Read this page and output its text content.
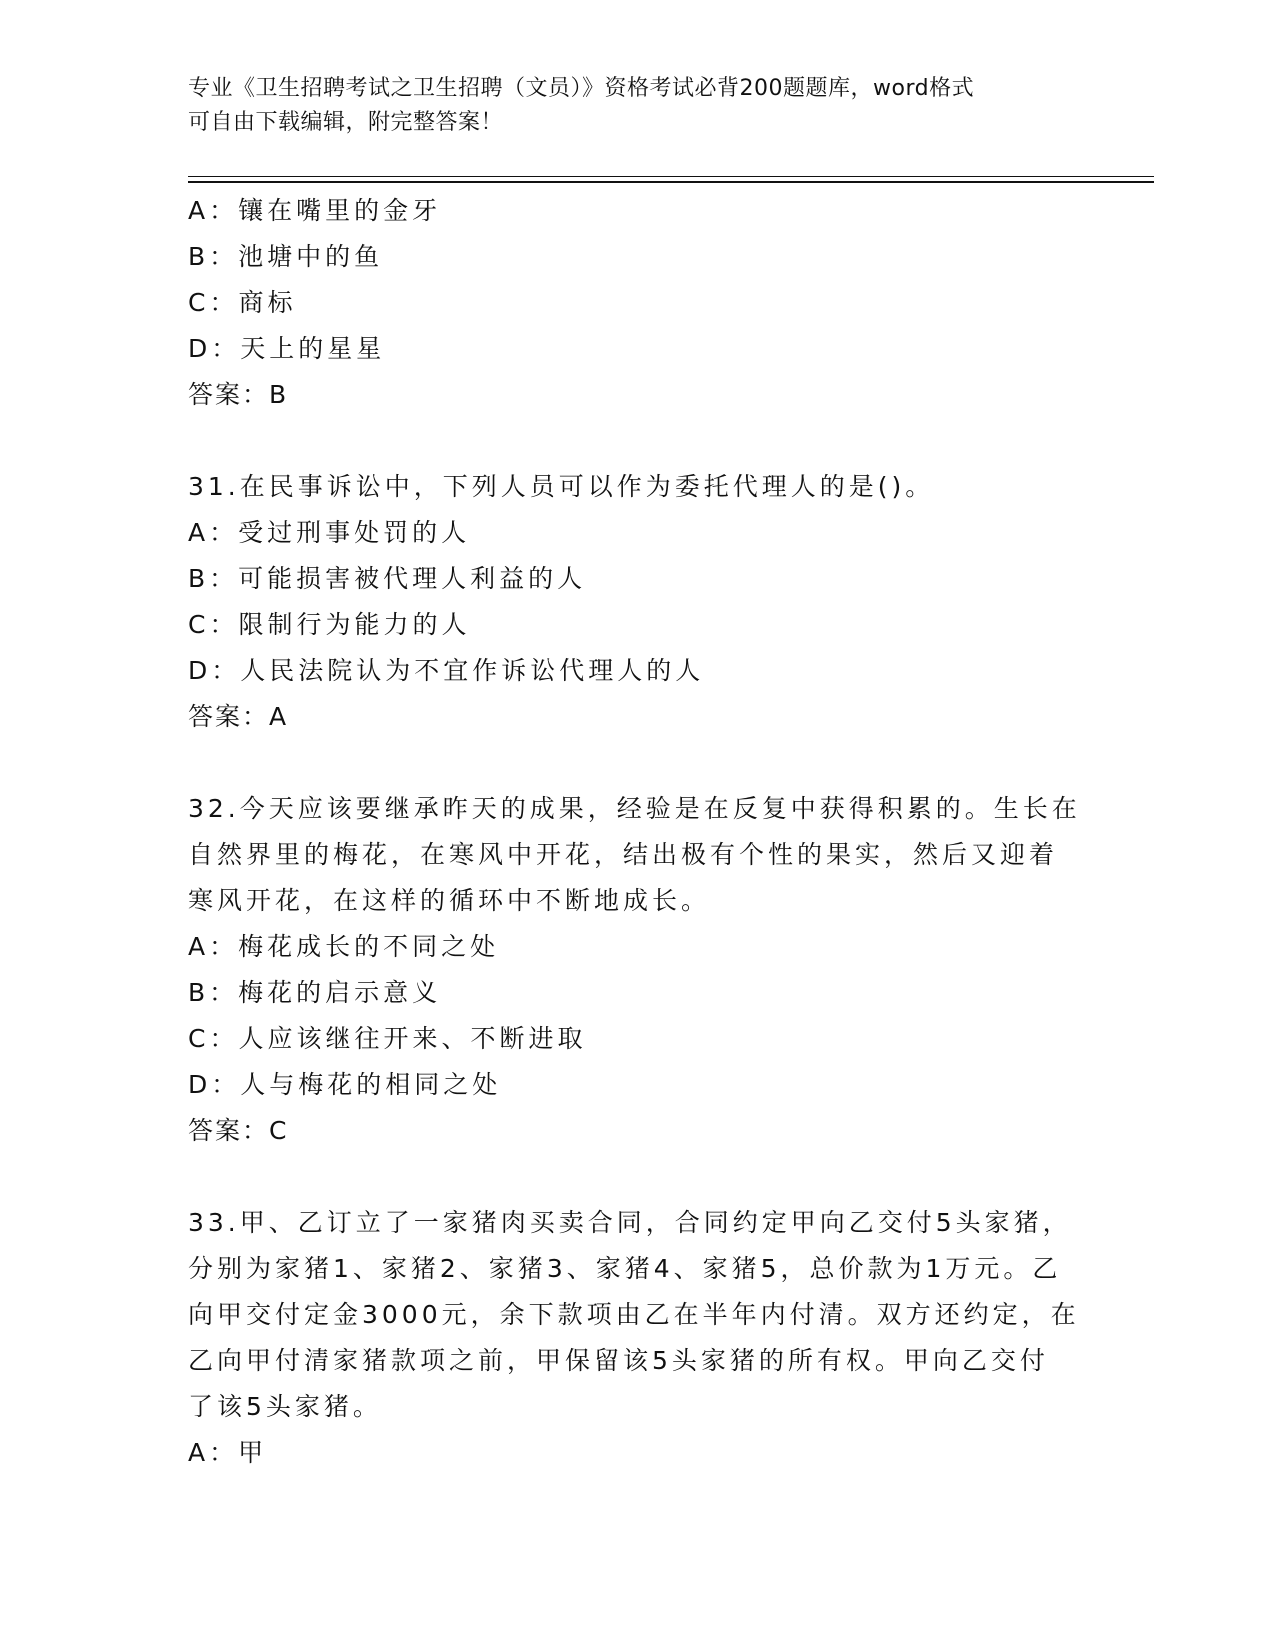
专业《卫生招聘考试之卫生招聘（文员）》资格考试必背200题题库，word格式
可自由下载编辑，附完整答案！
A：镶在嘴里的金牙
B：池塘中的鱼
C：商标
D：天上的星星
答案：B
31.在民事诉讼中，下列人员可以作为委托代理人的是()。
A：受过刑事处罚的人
B：可能损害被代理人利益的人
C：限制行为能力的人
D：人民法院认为不宜作诉讼代理人的人
答案：A
32.今天应该要继承昨天的成果，经验是在反复中获得积累的。生长在
自然界里的梅花，在寒风中开花，结出极有个性的果实，然后又迎着
寒风开花，在这样的循环中不断地成长。
A：梅花成长的不同之处
B：梅花的启示意义
C：人应该继往开来、不断进取
D：人与梅花的相同之处
答案：C
33.甲、乙订立了一家猪肉买卖合同，合同约定甲向乙交付5头家猪，
分别为家猪1、家猪2、家猪3、家猪4、家猪5，总价款为1万元。乙
向甲交付定金3000元，余下款项由乙在半年内付清。双方还约定，在
乙向甲付清家猪款项之前，甲保留该5头家猪的所有权。甲向乙交付
了该5头家猪。
A：甲
